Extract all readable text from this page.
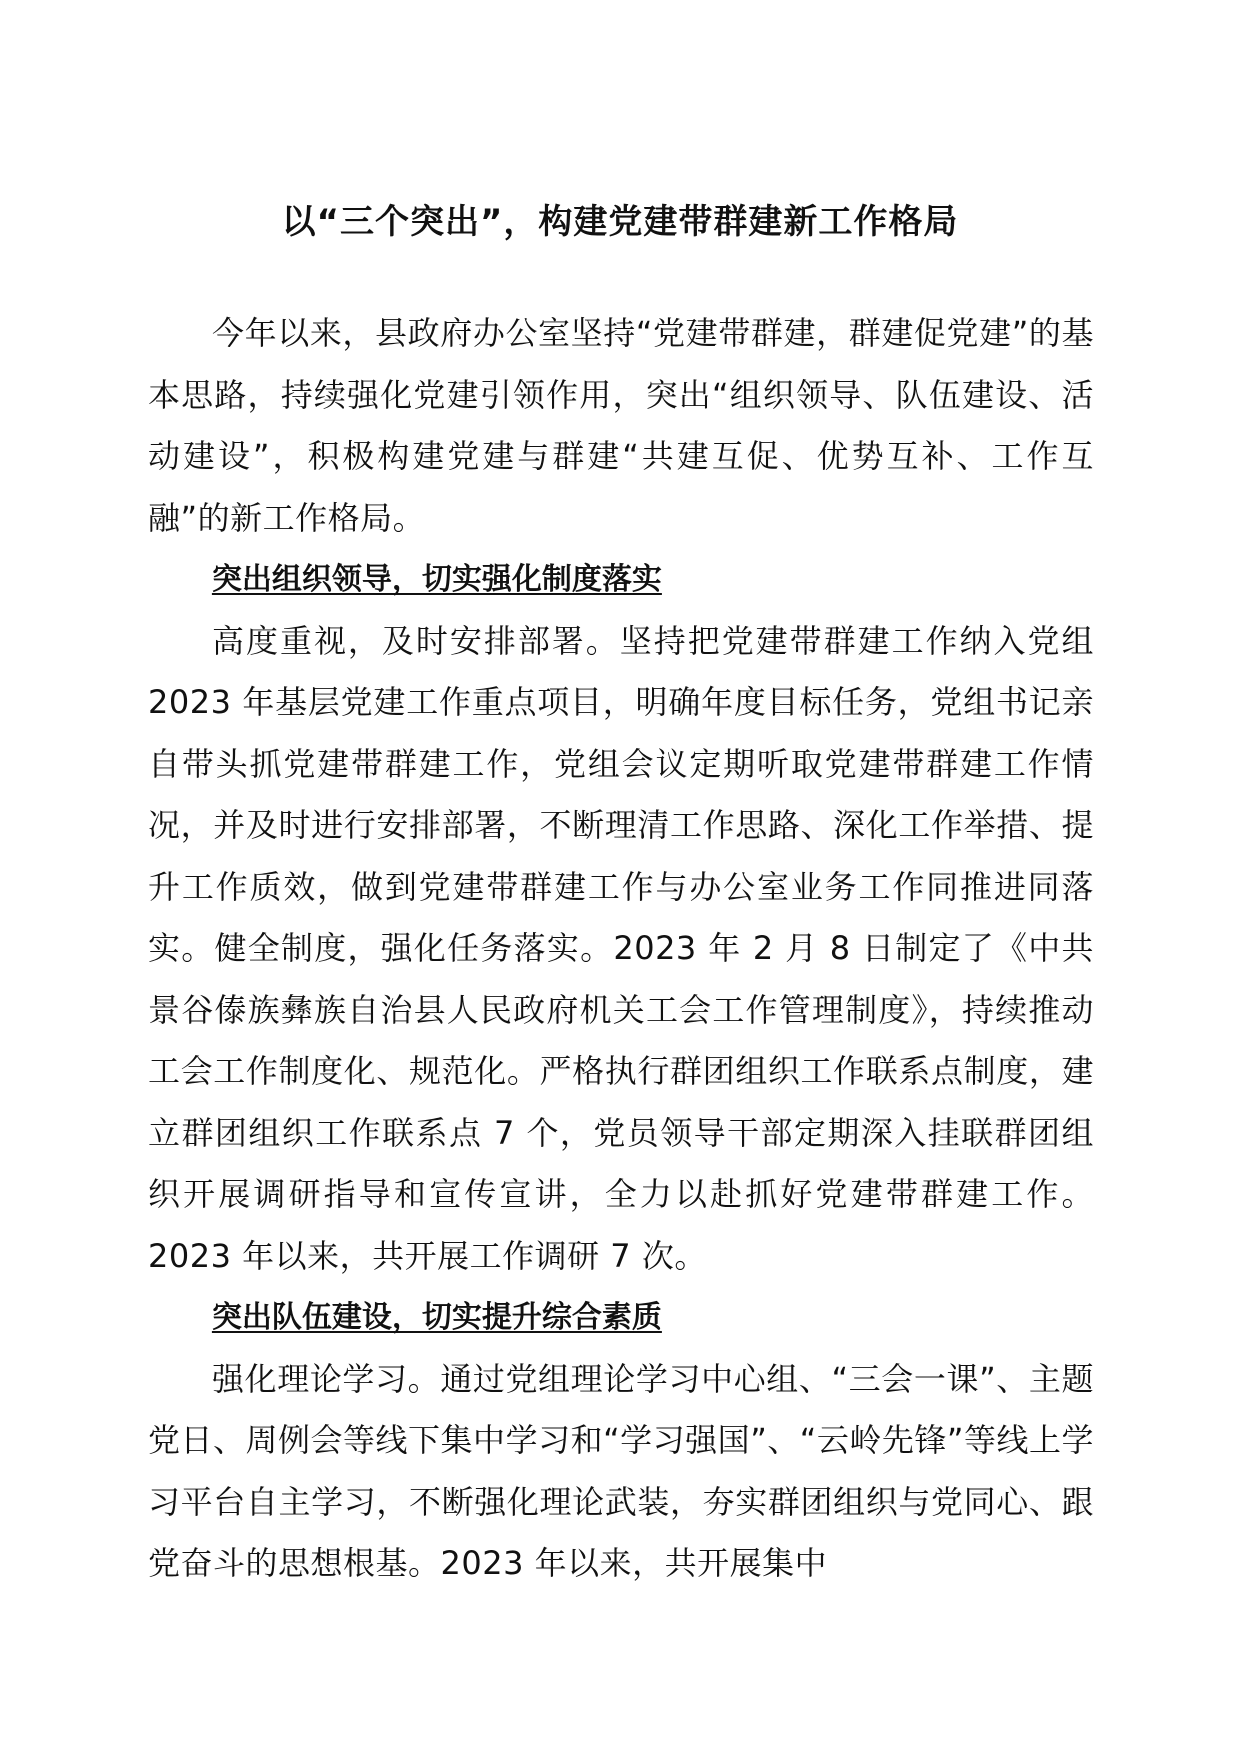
以“三个突出”，构建党建带群建新工作格局

今年以来，县政府办公室坚持“党建带群建，群建促党建”的基本思路，持续强化党建引领作用，突出“组织领导、队伍建设、活动建设”，积极构建党建与群建“共建互促、优势互补、工作互融”的新工作格局。

突出组织领导，切实强化制度落实

高度重视，及时安排部署。坚持把党建带群建工作纳入党组 2023 年基层党建工作重点项目，明确年度目标任务，党组书记亲自带头抓党建带群建工作，党组会议定期听取党建带群建工作情况，并及时进行安排部署，不断理清工作思路、深化工作举措、提升工作质效，做到党建带群建工作与办公室业务工作同推进同落实。健全制度，强化任务落实。2023 年 2 月 8 日制定了《中共景谷傣族彝族自治县人民政府机关工会工作管理制度》，持续推动工会工作制度化、规范化。严格执行群团组织工作联系点制度，建立群团组织工作联系点 7 个，党员领导干部定期深入挂联群团组织开展调研指导和宣传宣讲，全力以赴抓好党建带群建工作。2023 年以来，共开展工作调研 7 次。

突出队伍建设，切实提升综合素质

强化理论学习。通过党组理论学习中心组、“三会一课”、主题党日、周例会等线下集中学习和“学习强国”、“云岭先锋”等线上学习平台自主学习，不断强化理论武装，夯实群团组织与党同心、跟党奋斗的思想根基。2023 年以来，共开展集中
